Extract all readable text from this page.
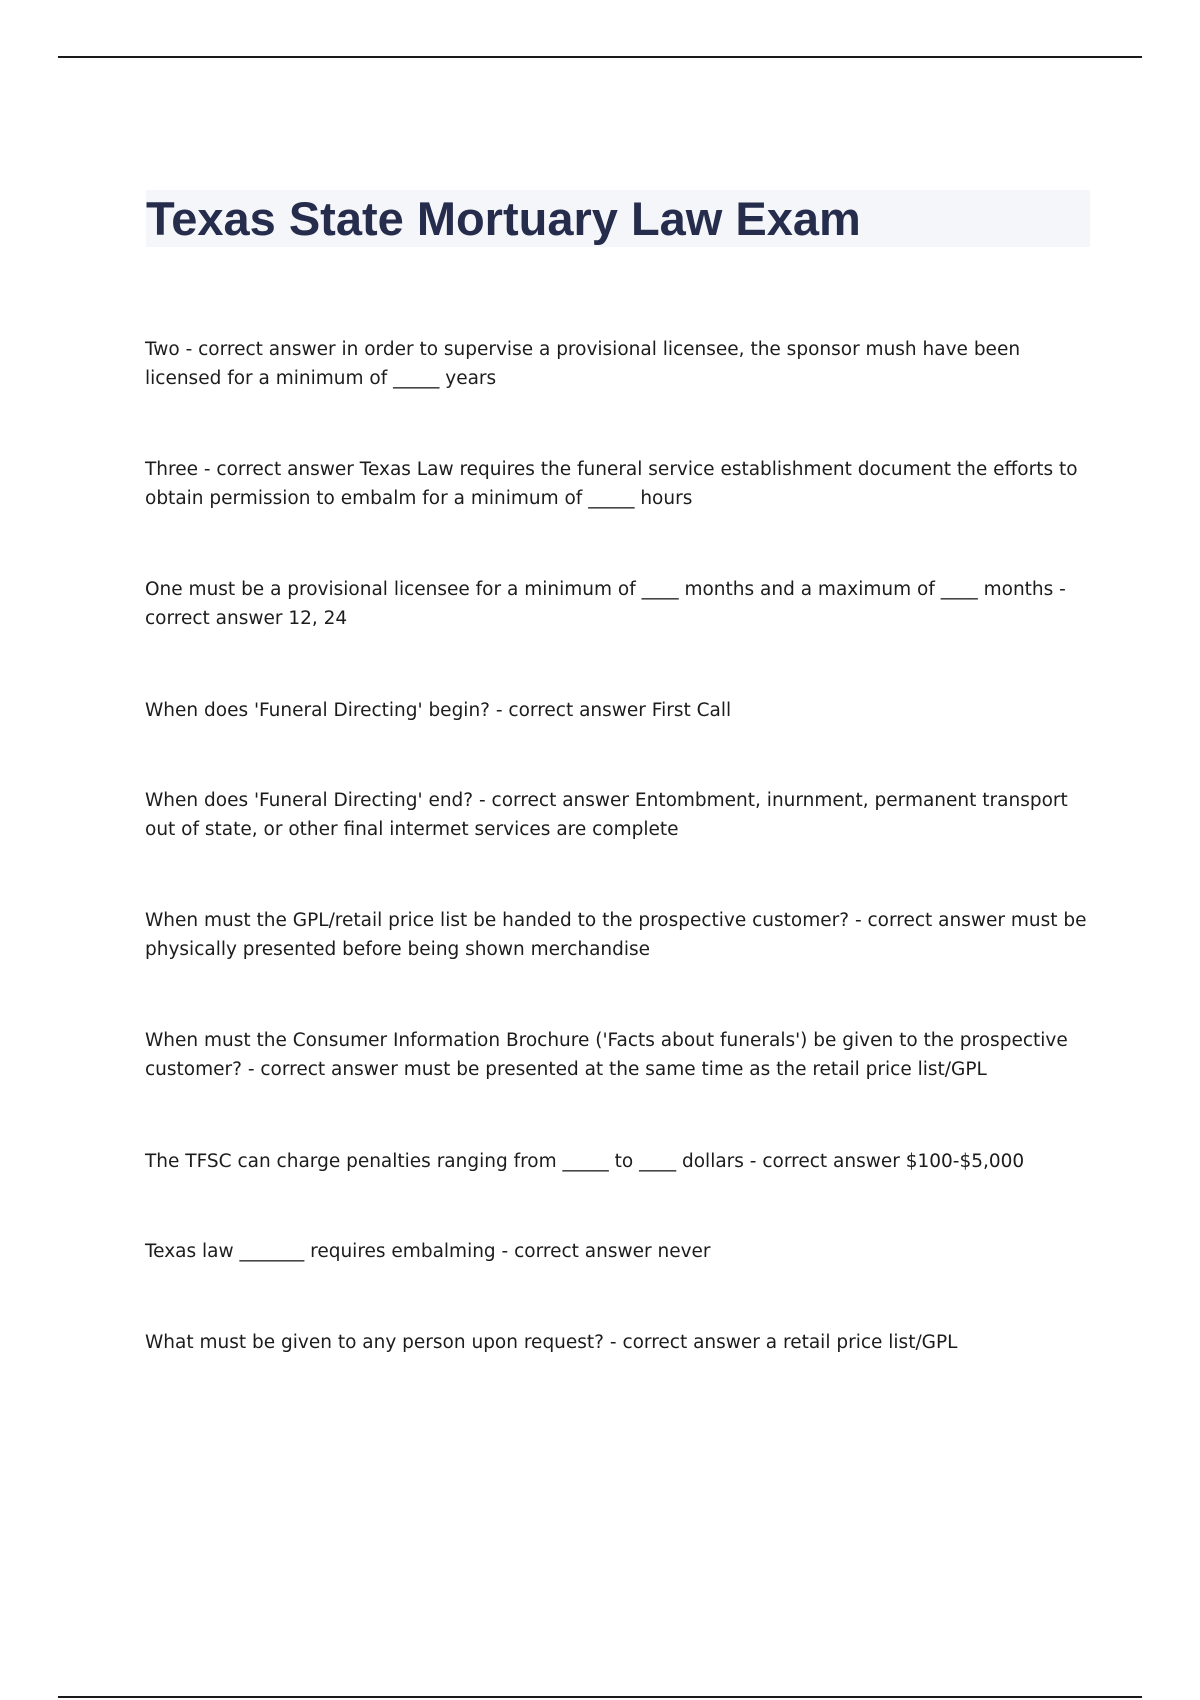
Texas State Mortuary Law Exam
Two - correct answer in order to supervise a provisional licensee, the sponsor mush have been licensed for a minimum of _____ years
Three - correct answer Texas Law requires the funeral service establishment document the efforts to obtain permission to embalm for a minimum of _____ hours
One must be a provisional licensee for a minimum of ____ months and a maximum of ____ months - correct answer 12, 24
When does 'Funeral Directing' begin? - correct answer First Call
When does 'Funeral Directing' end? - correct answer Entombment, inurnment, permanent transport out of state, or other final intermet services are complete
When must the GPL/retail price list be handed to the prospective customer? - correct answer must be physically presented before being shown merchandise
When must the Consumer Information Brochure ('Facts about funerals') be given to the prospective customer? - correct answer must be presented at the same time as the retail price list/GPL
The TFSC can charge penalties ranging from _____ to ____ dollars - correct answer $100-$5,000
Texas law _______ requires embalming - correct answer never
What must be given to any person upon request? - correct answer a retail price list/GPL
